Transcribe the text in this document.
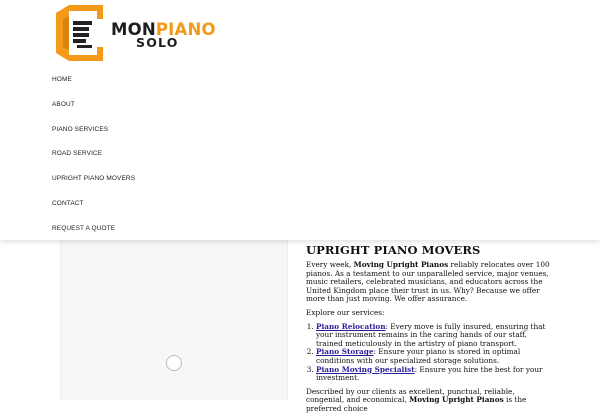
MONPIANO
SOLO
HOME
ABOUT
PIANO SERVICES
ROAD SERVICE
UPRIGHT PIANO MOVERS
CONTACT
REQUEST A QUOTE
UPRIGHT PIANO MOVERS

Every week, Moving Upright Pianos reliably relocates over 100 pianos. As a testament to our unparalleled service, major venues, music retailers, celebrated musicians, and educators across the United Kingdom place their trust in us. Why? Because we offer more than just moving. We offer assurance.

Explore our services:

1. Piano Relocation: Every move is fully insured, ensuring that your instrument remains in the caring hands of our staff, trained meticulously in the artistry of piano transport.
2. Piano Storage: Ensure your piano is stored in optimal conditions with our specialized storage solutions.
3. Piano Moving Specialist: Ensure you hire the best for your investment.

Described by our clients as excellent, punctual, reliable, congenial, and economical, Moving Upright Pianos is the preferred choice
